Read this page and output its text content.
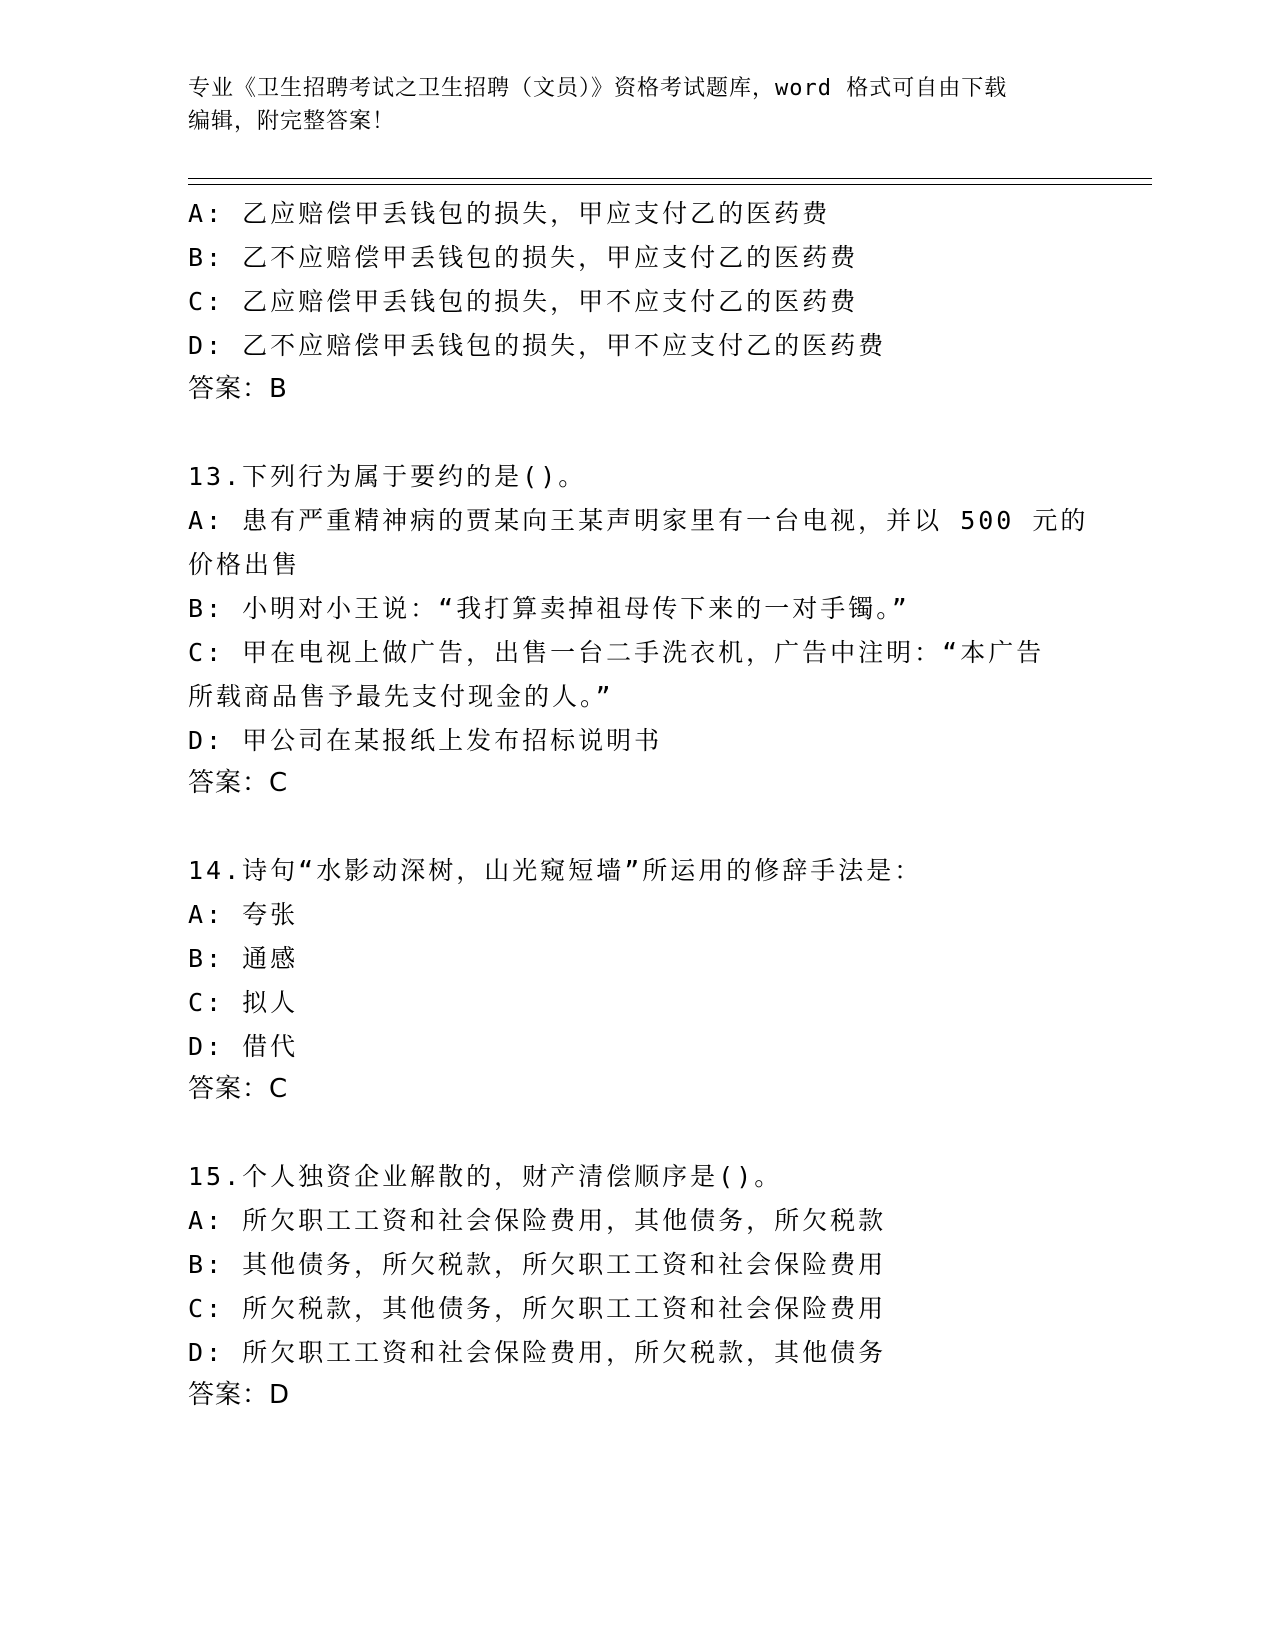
专业《卫生招聘考试之卫生招聘（文员）》资格考试题库，word 格式可自由下载
编辑，附完整答案！
A: 乙应赔偿甲丢钱包的损失，甲应支付乙的医药费
B: 乙不应赔偿甲丢钱包的损失，甲应支付乙的医药费
C: 乙应赔偿甲丢钱包的损失，甲不应支付乙的医药费
D: 乙不应赔偿甲丢钱包的损失，甲不应支付乙的医药费
答案：B
13.下列行为属于要约的是()。
A: 患有严重精神病的贾某向王某声明家里有一台电视，并以 500 元的
价格出售
B: 小明对小王说：“我打算卖掉祖母传下来的一对手镯。”
C: 甲在电视上做广告，出售一台二手洗衣机，广告中注明：“本广告
所载商品售予最先支付现金的人。”
D: 甲公司在某报纸上发布招标说明书
答案：C
14.诗句“水影动深树，山光窥短墙”所运用的修辞手法是：
A: 夸张
B: 通感
C: 拟人
D: 借代
答案：C
15.个人独资企业解散的，财产清偿顺序是()。
A: 所欠职工工资和社会保险费用，其他债务，所欠税款
B: 其他债务，所欠税款，所欠职工工资和社会保险费用
C: 所欠税款，其他债务，所欠职工工资和社会保险费用
D: 所欠职工工资和社会保险费用，所欠税款，其他债务
答案：D
